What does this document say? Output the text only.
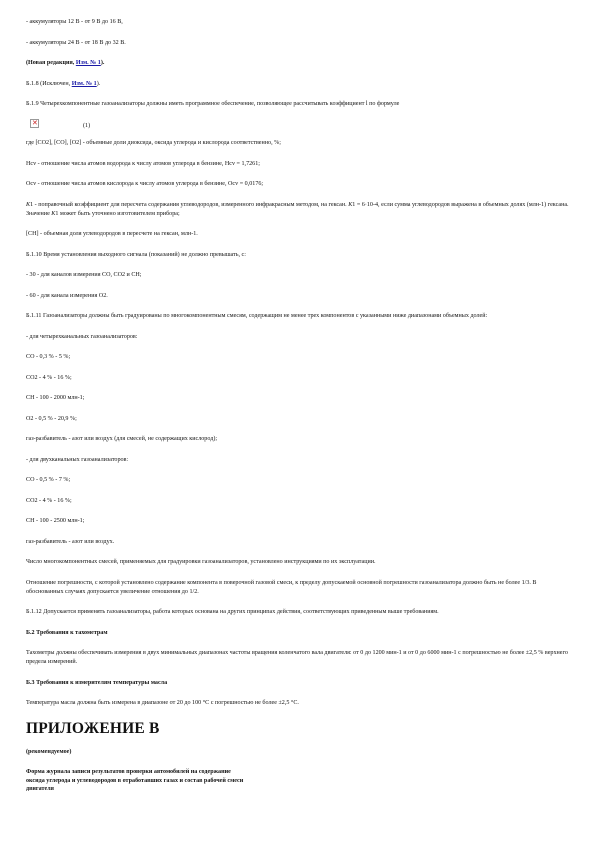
- аккумуляторы 12 В - от 9 В до 16 В,

- аккумуляторы 24 В - от 18 В до 32 В.

(Новая редакция, Изм. № 1).

Б.1.8 (Исключен, Изм. № 1).

Б.1.9 Четырехкомпонентные газоанализаторы должны иметь программное обеспечение, позволяющее рассчитывать коэффициент l по формуле

✕	(1)

где [CO2], [CO], [O2] - объемные доли диоксида, оксида углерода и кислорода соответственно, %;

Hcv - отношение числа атомов водорода к числу атомов углерода в бензине, Hcv = 1,7261;

Ocv - отношение числа атомов кислорода к числу атомов углерода в бензине, Ocv = 0,0176;

K1 - поправочный коэффициент для пересчета содержания углеводородов, измеренного инфракрасным методом, на гексан. K1 = 6·10-4, если сумма углеводородов выражена в объемных долях (млн-1) гексана. Значение K1 может быть уточнено изготовителем прибора;

[CH] - объемная доля углеводородов в пересчете на гексан, млн-1.

Б.1.10 Время установления выходного сигнала (показаний) не должно превышать, с:

- 30 - для каналов измерения CO, CO2 и CH;

- 60 - для канала измерения O2.

Б.1.11 Газоанализаторы должны быть градуированы по многокомпонентным смесям, содержащим не менее трех компонентов с указанными ниже диапазонами объемных долей:

- для четырехканальных газоанализаторов:

CO - 0,3 % - 5 %;

CO2 - 4 % - 16 %;

CH - 100 - 2000 млн-1;

O2 - 0,5 % - 20,9 %;

газ-разбавитель - азот или воздух (для смесей, не содержащих кислород);

- для двухканальных газоанализаторов:

CO - 0,5 % - 7 %;

CO2 - 4 % - 16 %;

CH - 100 - 2500 млн-1;

газ-разбавитель - азот или воздух.

Число многокомпонентных смесей, применяемых для градуировки газоанализаторов, установлено инструкциями по их эксплуатации.

Отношение погрешности, с которой установлено содержание компонента в поверочной газовой смеси, к пределу допускаемой основной погрешности газоанализатора должно быть не более 1/3. В обоснованных случаях допускается увеличение отношения до 1/2.

Б.1.12 Допускается применять газоанализаторы, работа которых основана на других принципах действия, соответствующих приведенным выше требованиям.

Б.2 Требования к тахометрам

Тахометры должны обеспечивать измерения в двух минимальных диапазонах частоты вращения коленчатого вала двигателя: от 0 до 1200 мин-1 и от 0 до 6000 мин-1 с погрешностью не более ±2,5 % верхнего предела измерений.

Б.3 Требования к измерителям температуры масла

Температура масла должна быть измерена в диапазоне от 20 до 100 °С с погрешностью не более ±2,5 °С.

ПРИЛОЖЕНИЕ В

(рекомендуемое)

Форма журнала записи результатов проверки автомобилей на содержание
оксида углерода и углеводородов в отработавших газах и состав рабочей смеси
двигателя
